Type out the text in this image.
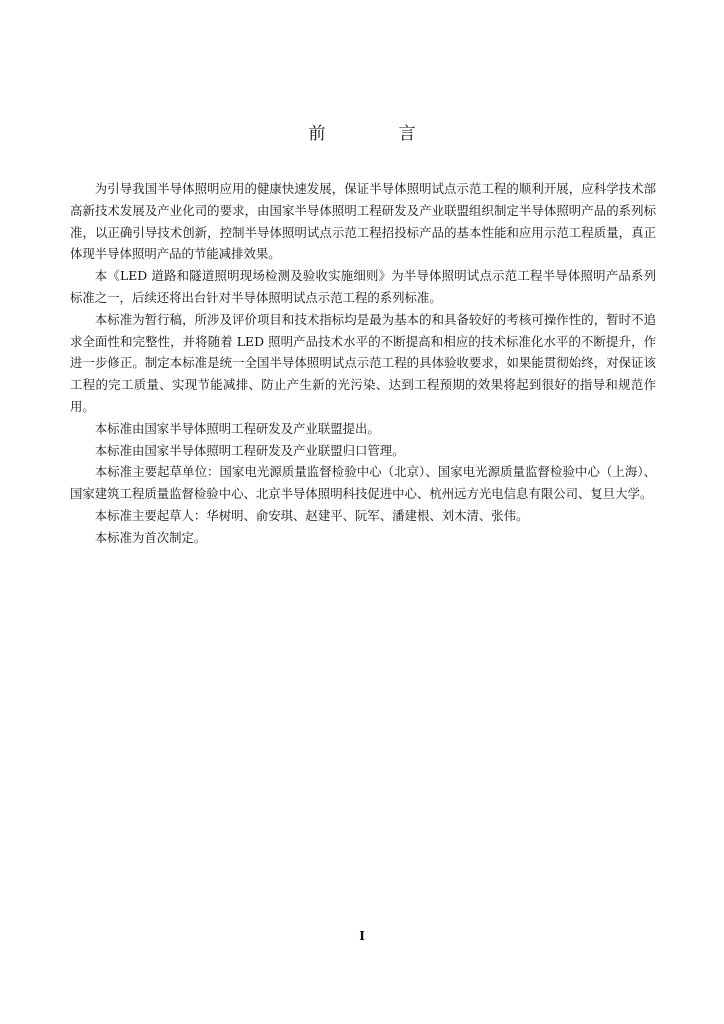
前　言

为引导我国半导体照明应用的健康快速发展，保证半导体照明试点示范工程的顺利开展，应科学技术部高新技术发展及产业化司的要求，由国家半导体照明工程研发及产业联盟组织制定半导体照明产品的系列标准，以正确引导技术创新，控制半导体照明试点示范工程招投标产品的基本性能和应用示范工程质量，真正体现半导体照明产品的节能减排效果。

本《LED 道路和隧道照明现场检测及验收实施细则》为半导体照明试点示范工程半导体照明产品系列标准之一，后续还将出台针对半导体照明试点示范工程的系列标准。

本标准为暂行稿，所涉及评价项目和技术指标均是最为基本的和具备较好的考核可操作性的，暂时不追求全面性和完整性，并将随着 LED 照明产品技术水平的不断提高和相应的技术标准化水平的不断提升，作进一步修正。制定本标准是统一全国半导体照明试点示范工程的具体验收要求，如果能贯彻始终，对保证该工程的完工质量、实现节能减排、防止产生新的光污染、达到工程预期的效果将起到很好的指导和规范作用。

本标准由国家半导体照明工程研发及产业联盟提出。

本标准由国家半导体照明工程研发及产业联盟归口管理。

本标准主要起草单位：国家电光源质量监督检验中心（北京）、国家电光源质量监督检验中心（上海）、国家建筑工程质量监督检验中心、北京半导体照明科技促进中心、杭州远方光电信息有限公司、复旦大学。

本标准主要起草人：华树明、俞安琪、赵建平、阮军、潘建根、刘木清、张伟。

本标准为首次制定。

I
